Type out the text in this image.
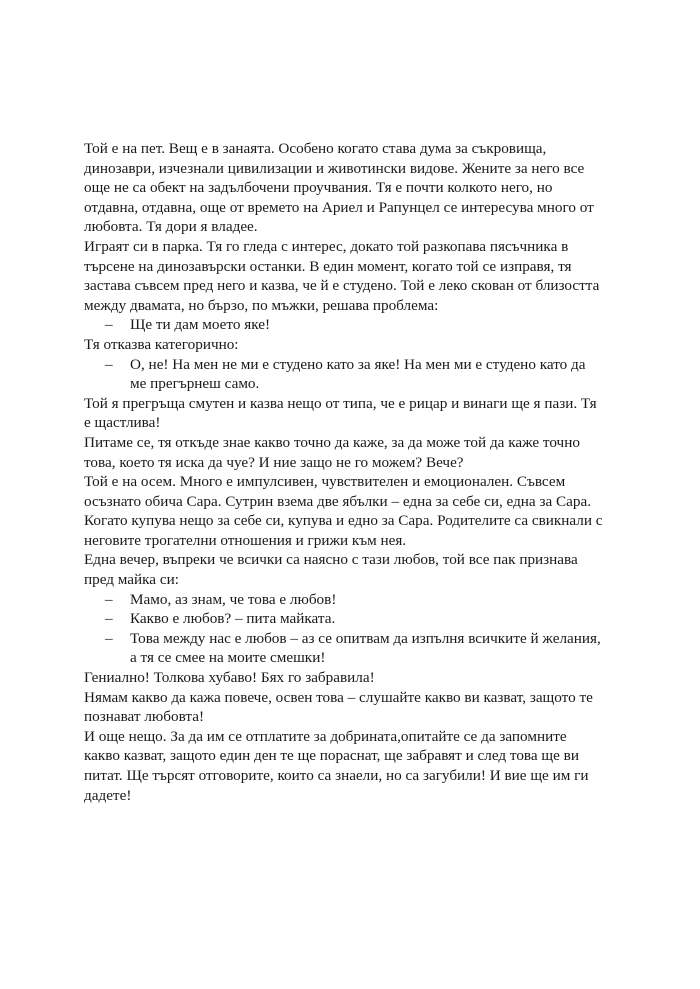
Той е на пет. Вещ е в занаята. Особено когато става дума за съкровища, динозаври, изчезнали цивилизации и животински видове. Жените за него все още не са обект на задълбочени проучвания. Тя е почти колкото него, но отдавна, отдавна, още от времето на Ариел и Рапунцел се интересува много от любовта. Тя дори я владее.

Играят си в парка. Тя го гледа с интерес, докато той разкопава пясъчника в търсене на динозавърски останки. В един момент, когато той се изправя, тя застава съвсем пред него и казва, че й е студено. Той е леко скован от близостта между двамата, но бързо, по мъжки, решава проблема:

– Ще ти дам моето яке!

Тя отказва категорично:

– О, не! На мен не ми е студено като за яке! На мен ми е студено като да ме прегърнеш само.

Той я прегръща смутен и казва нещо от типа, че е рицар и винаги ще я пази. Тя е щастлива!

Питаме се, тя откъде знае какво точно да каже, за да може той да каже точно това, което тя иска да чуе? И ние защо не го можем? Вече?

Той е на осем. Много е импулсивен, чувствителен и емоционален. Съвсем осъзнато обича Сара. Сутрин взема две ябълки – една за себе си, една за Сара. Когато купува нещо за себе си, купува и едно за Сара. Родителите са свикнали с неговите трогателни отношения и грижи към нея.

Една вечер, въпреки че всички са наясно с тази любов, той все пак признава пред майка си:

– Мамо, аз знам, че това е любов!
– Какво е любов? – пита майката.
– Това между нас е любов – аз се опитвам да изпълня всичките й желания, а тя се смее на моите смешки!

Гениално! Толкова хубаво! Бях го забравила!

Нямам какво да кажа повече, освен това – слушайте какво ви казват, защото те познават любовта!

И още нещо. За да им се отплатите за добрината,опитайте се да запомните какво казват, защото един ден те ще пораснат, ще забравят и след това ще ви питат. Ще търсят отговорите, които са знаели, но са загубили! И вие ще им ги дадете!
